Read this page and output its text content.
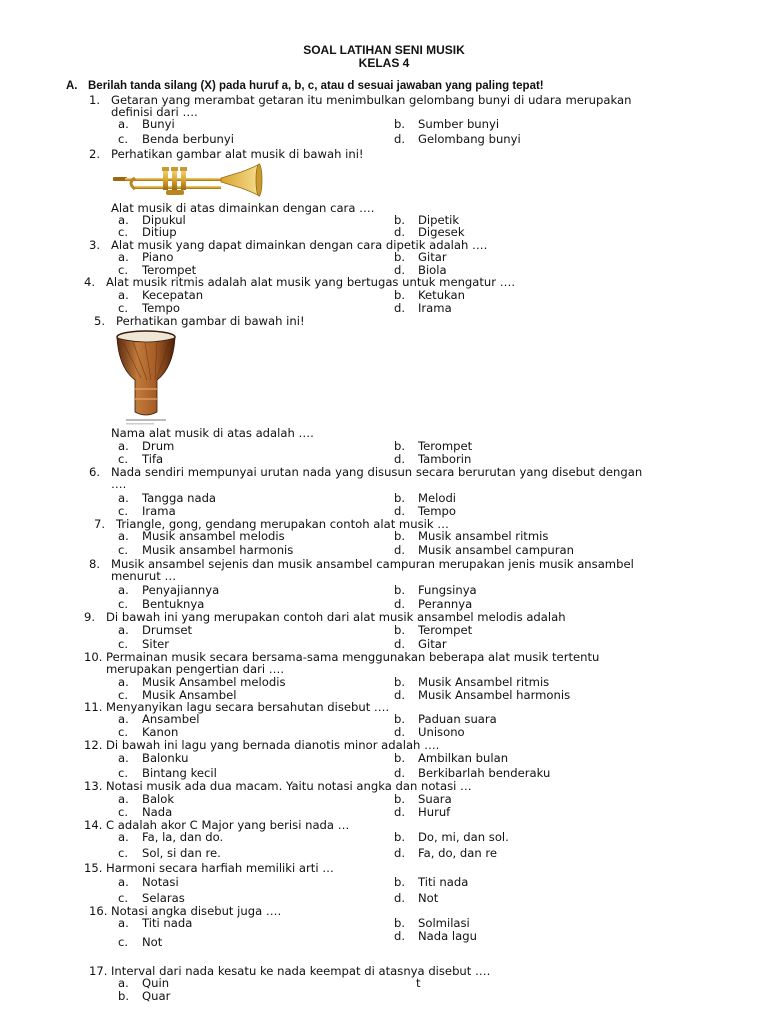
SOAL LATIHAN SENI MUSIK
KELAS 4
A. Berilah tanda silang (X) pada huruf a, b, c, atau d sesuai jawaban yang paling tepat!
1. Getaran yang merambat getaran itu menimbulkan gelombang bunyi di udara merupakan
definisi dari ….
a. Bunyi	b. Sumber bunyi
c. Benda berbunyi	d. Gelombang bunyi
2. Perhatikan gambar alat musik di bawah ini!
Alat musik di atas dimainkan dengan cara ….
a. Dipukul	b. Dipetik
c. Ditiup	d. Digesek
3. Alat musik yang dapat dimainkan dengan cara dipetik adalah ….
a. Piano	b. Gitar
c. Terompet	d. Biola
4. Alat musik ritmis adalah alat musik yang bertugas untuk mengatur ….
a. Kecepatan	b. Ketukan
c. Tempo	d. Irama
5. Perhatikan gambar di bawah ini!
Nama alat musik di atas adalah ….
a. Drum	b. Terompet
c. Tifa	d. Tamborin
6. Nada sendiri mempunyai urutan nada yang disusun secara berurutan yang disebut dengan
….
a. Tangga nada	b. Melodi
c. Irama	d. Tempo
7. Triangle, gong, gendang merupakan contoh alat musik …
a. Musik ansambel melodis	b. Musik ansambel ritmis
c. Musik ansambel harmonis	d. Musik ansambel campuran
8. Musik ansambel sejenis dan musik ansambel campuran merupakan jenis musik ansambel
menurut …
a. Penyajiannya	b. Fungsinya
c. Bentuknya	d. Perannya
9. Di bawah ini yang merupakan contoh dari alat musik ansambel melodis adalah
a. Drumset	b. Terompet
c. Siter	d. Gitar
10. Permainan musik secara bersama-sama menggunakan beberapa alat musik tertentu
merupakan pengertian dari ….
a. Musik Ansambel melodis	b. Musik Ansambel ritmis
c. Musik Ansambel	d. Musik Ansambel harmonis
11. Menyanyikan lagu secara bersahutan disebut ….
a. Ansambel	b. Paduan suara
c. Kanon	d. Unisono
12. Di bawah ini lagu yang bernada dianotis minor adalah ….
a. Balonku	b. Ambilkan bulan
c. Bintang kecil	d. Berkibarlah benderaku
13. Notasi musik ada dua macam. Yaitu notasi angka dan notasi …
a. Balok	b. Suara
c. Nada	d. Huruf
14. C adalah akor C Major yang berisi nada …
a. Fa, la, dan do.	b. Do, mi, dan sol.
c. Sol, si dan re.	d. Fa, do, dan re
15. Harmoni secara harfiah memiliki arti …
a. Notasi	b. Titi nada
c. Selaras	d. Not
16. Notasi angka disebut juga ….
a. Titi nada	b. Solmilasi
c. Not	d. Nada lagu
17. Interval dari nada kesatu ke nada keempat di atasnya disebut ….
a. Quin	t
b. Quar
